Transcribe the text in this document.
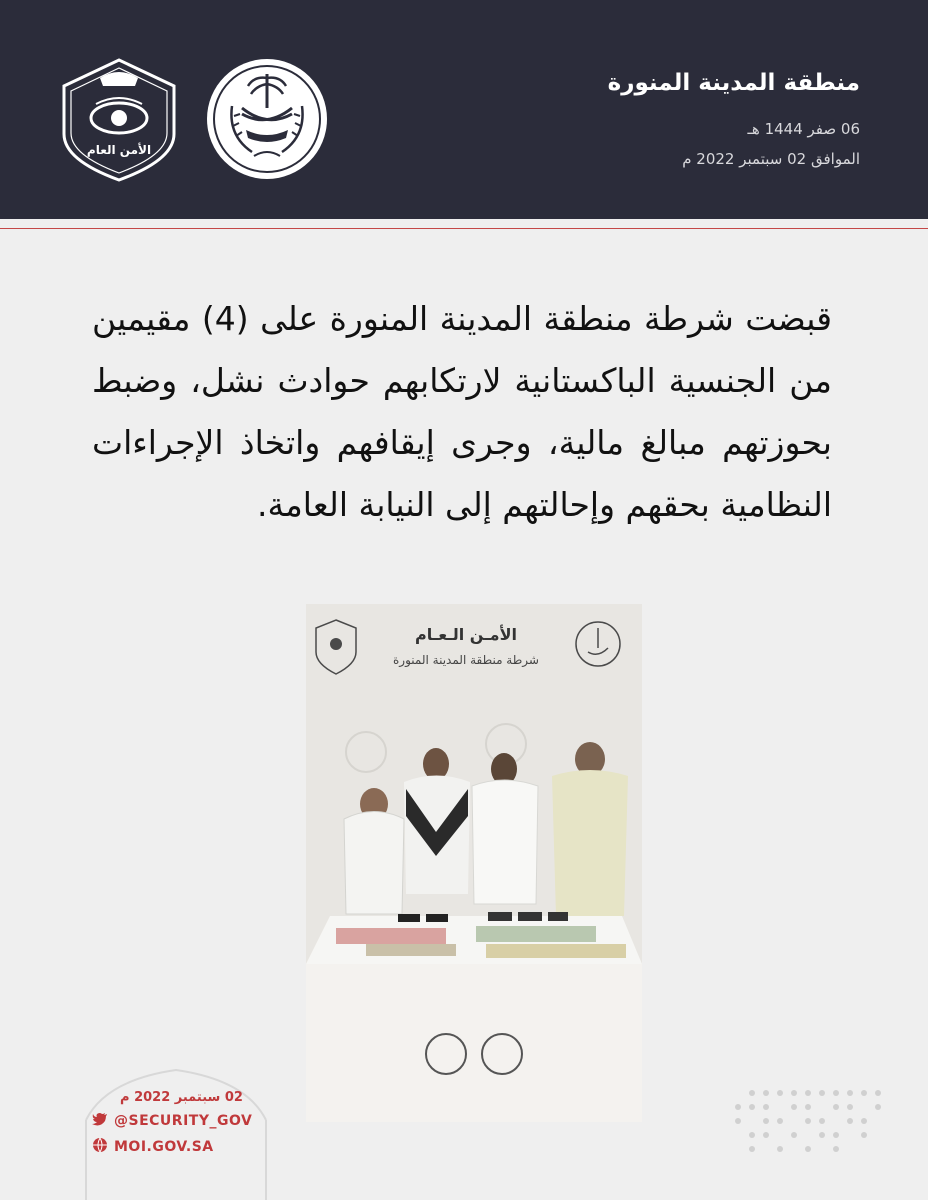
الأمن العام
منطقة المدينة المنورة
06 صفر 1444 هـ
الموافق 02 سبتمبر 2022 م
قبضت شرطة منطقة المدينة المنورة على (4) مقيمين من الجنسية الباكستانية لارتكابهم حوادث نشل، وضبط بحوزتهم مبالغ مالية، وجرى إيقافهم واتخاذ الإجراءات النظامية بحقهم وإحالتهم إلى النيابة العامة.
الأمـن الـعـام
شرطة منطقة المدينة المنورة
02 سبتمبر 2022 م
@SECURITY_GOV
MOI.GOV.SA
